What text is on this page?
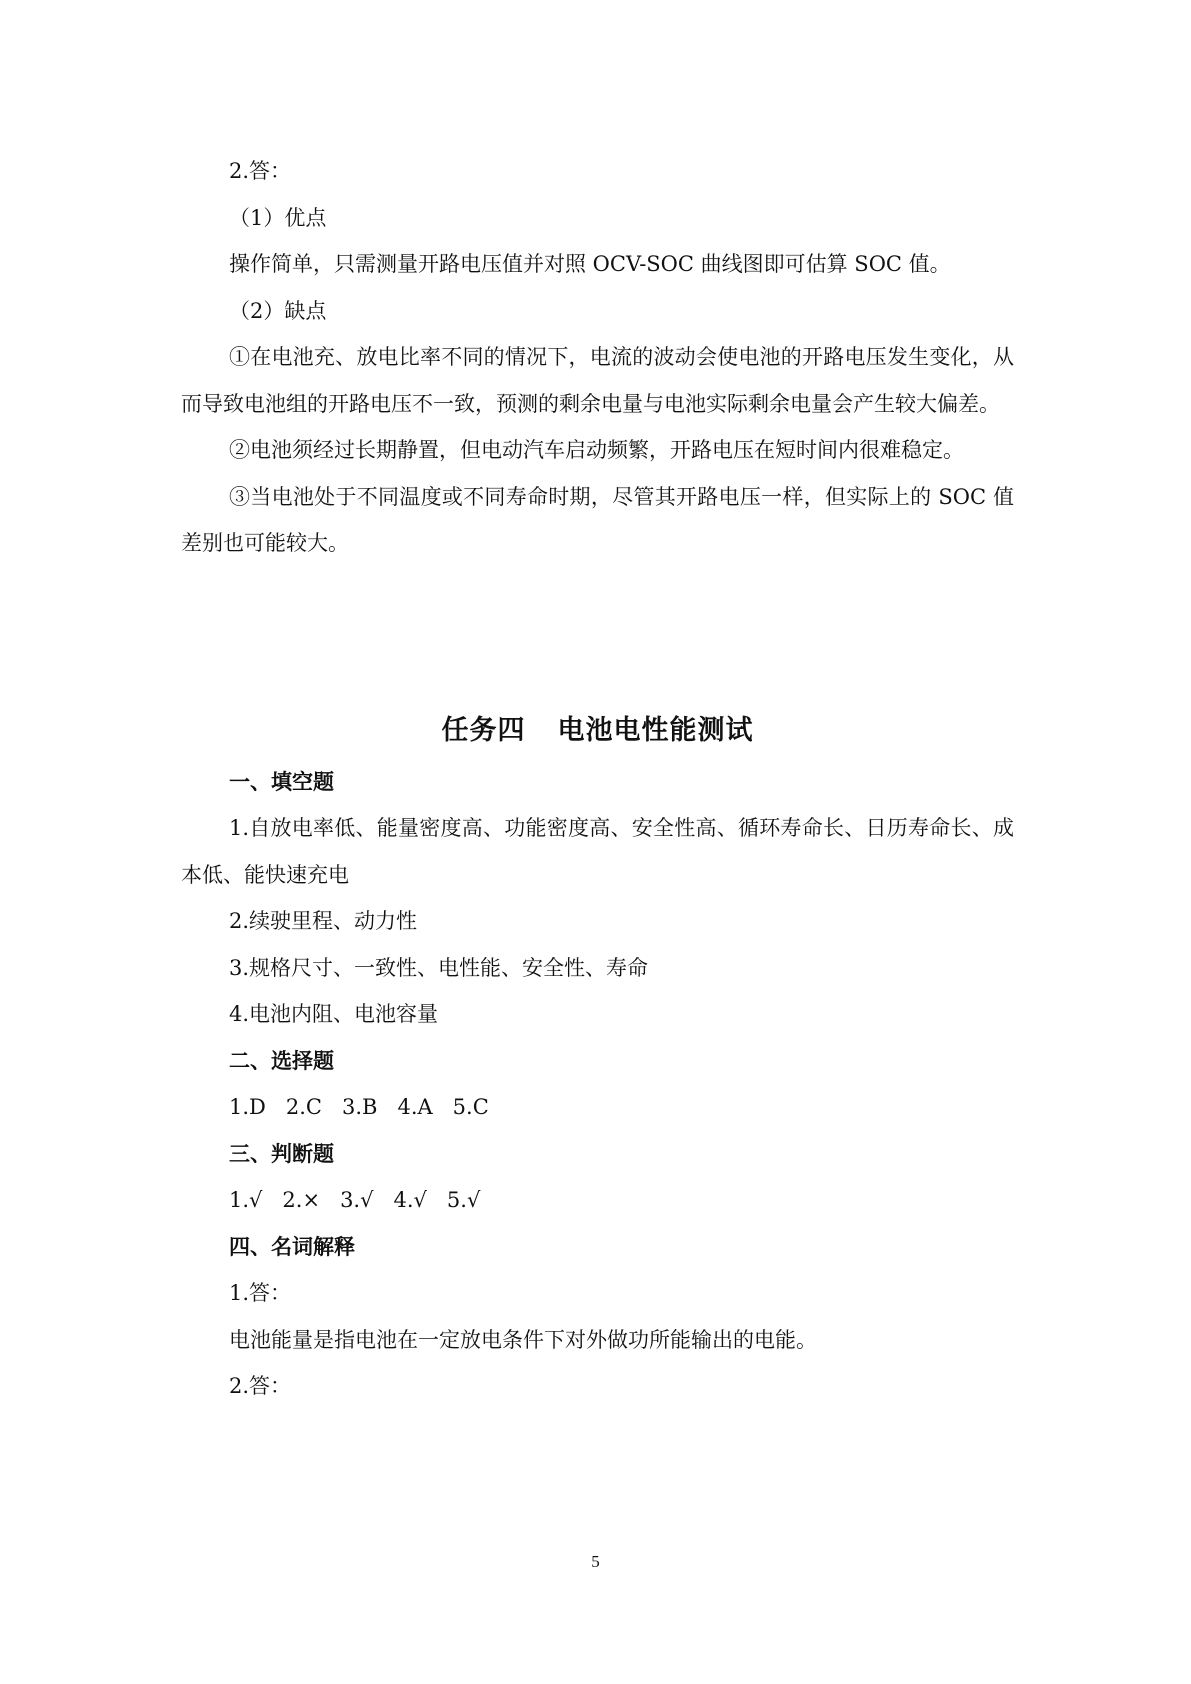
2.答：

（1）优点

操作简单，只需测量开路电压值并对照 OCV-SOC 曲线图即可估算 SOC 值。

（2）缺点

①在电池充、放电比率不同的情况下，电流的波动会使电池的开路电压发生变化，从而导致电池组的开路电压不一致，预测的剩余电量与电池实际剩余电量会产生较大偏差。

②电池须经过长期静置，但电动汽车启动频繁，开路电压在短时间内很难稳定。

③当电池处于不同温度或不同寿命时期，尽管其开路电压一样，但实际上的 SOC 值差别也可能较大。

任务四 电池电性能测试

一、填空题

1.自放电率低、能量密度高、功能密度高、安全性高、循环寿命长、日历寿命长、成本低、能快速充电

2.续驶里程、动力性

3.规格尺寸、一致性、电性能、安全性、寿命

4.电池内阻、电池容量

二、选择题

1.D 2.C 3.B 4.A 5.C

三、判断题

1.√ 2.× 3.√ 4.√ 5.√

四、名词解释

1.答：

电池能量是指电池在一定放电条件下对外做功所能输出的电能。

2.答：

5
